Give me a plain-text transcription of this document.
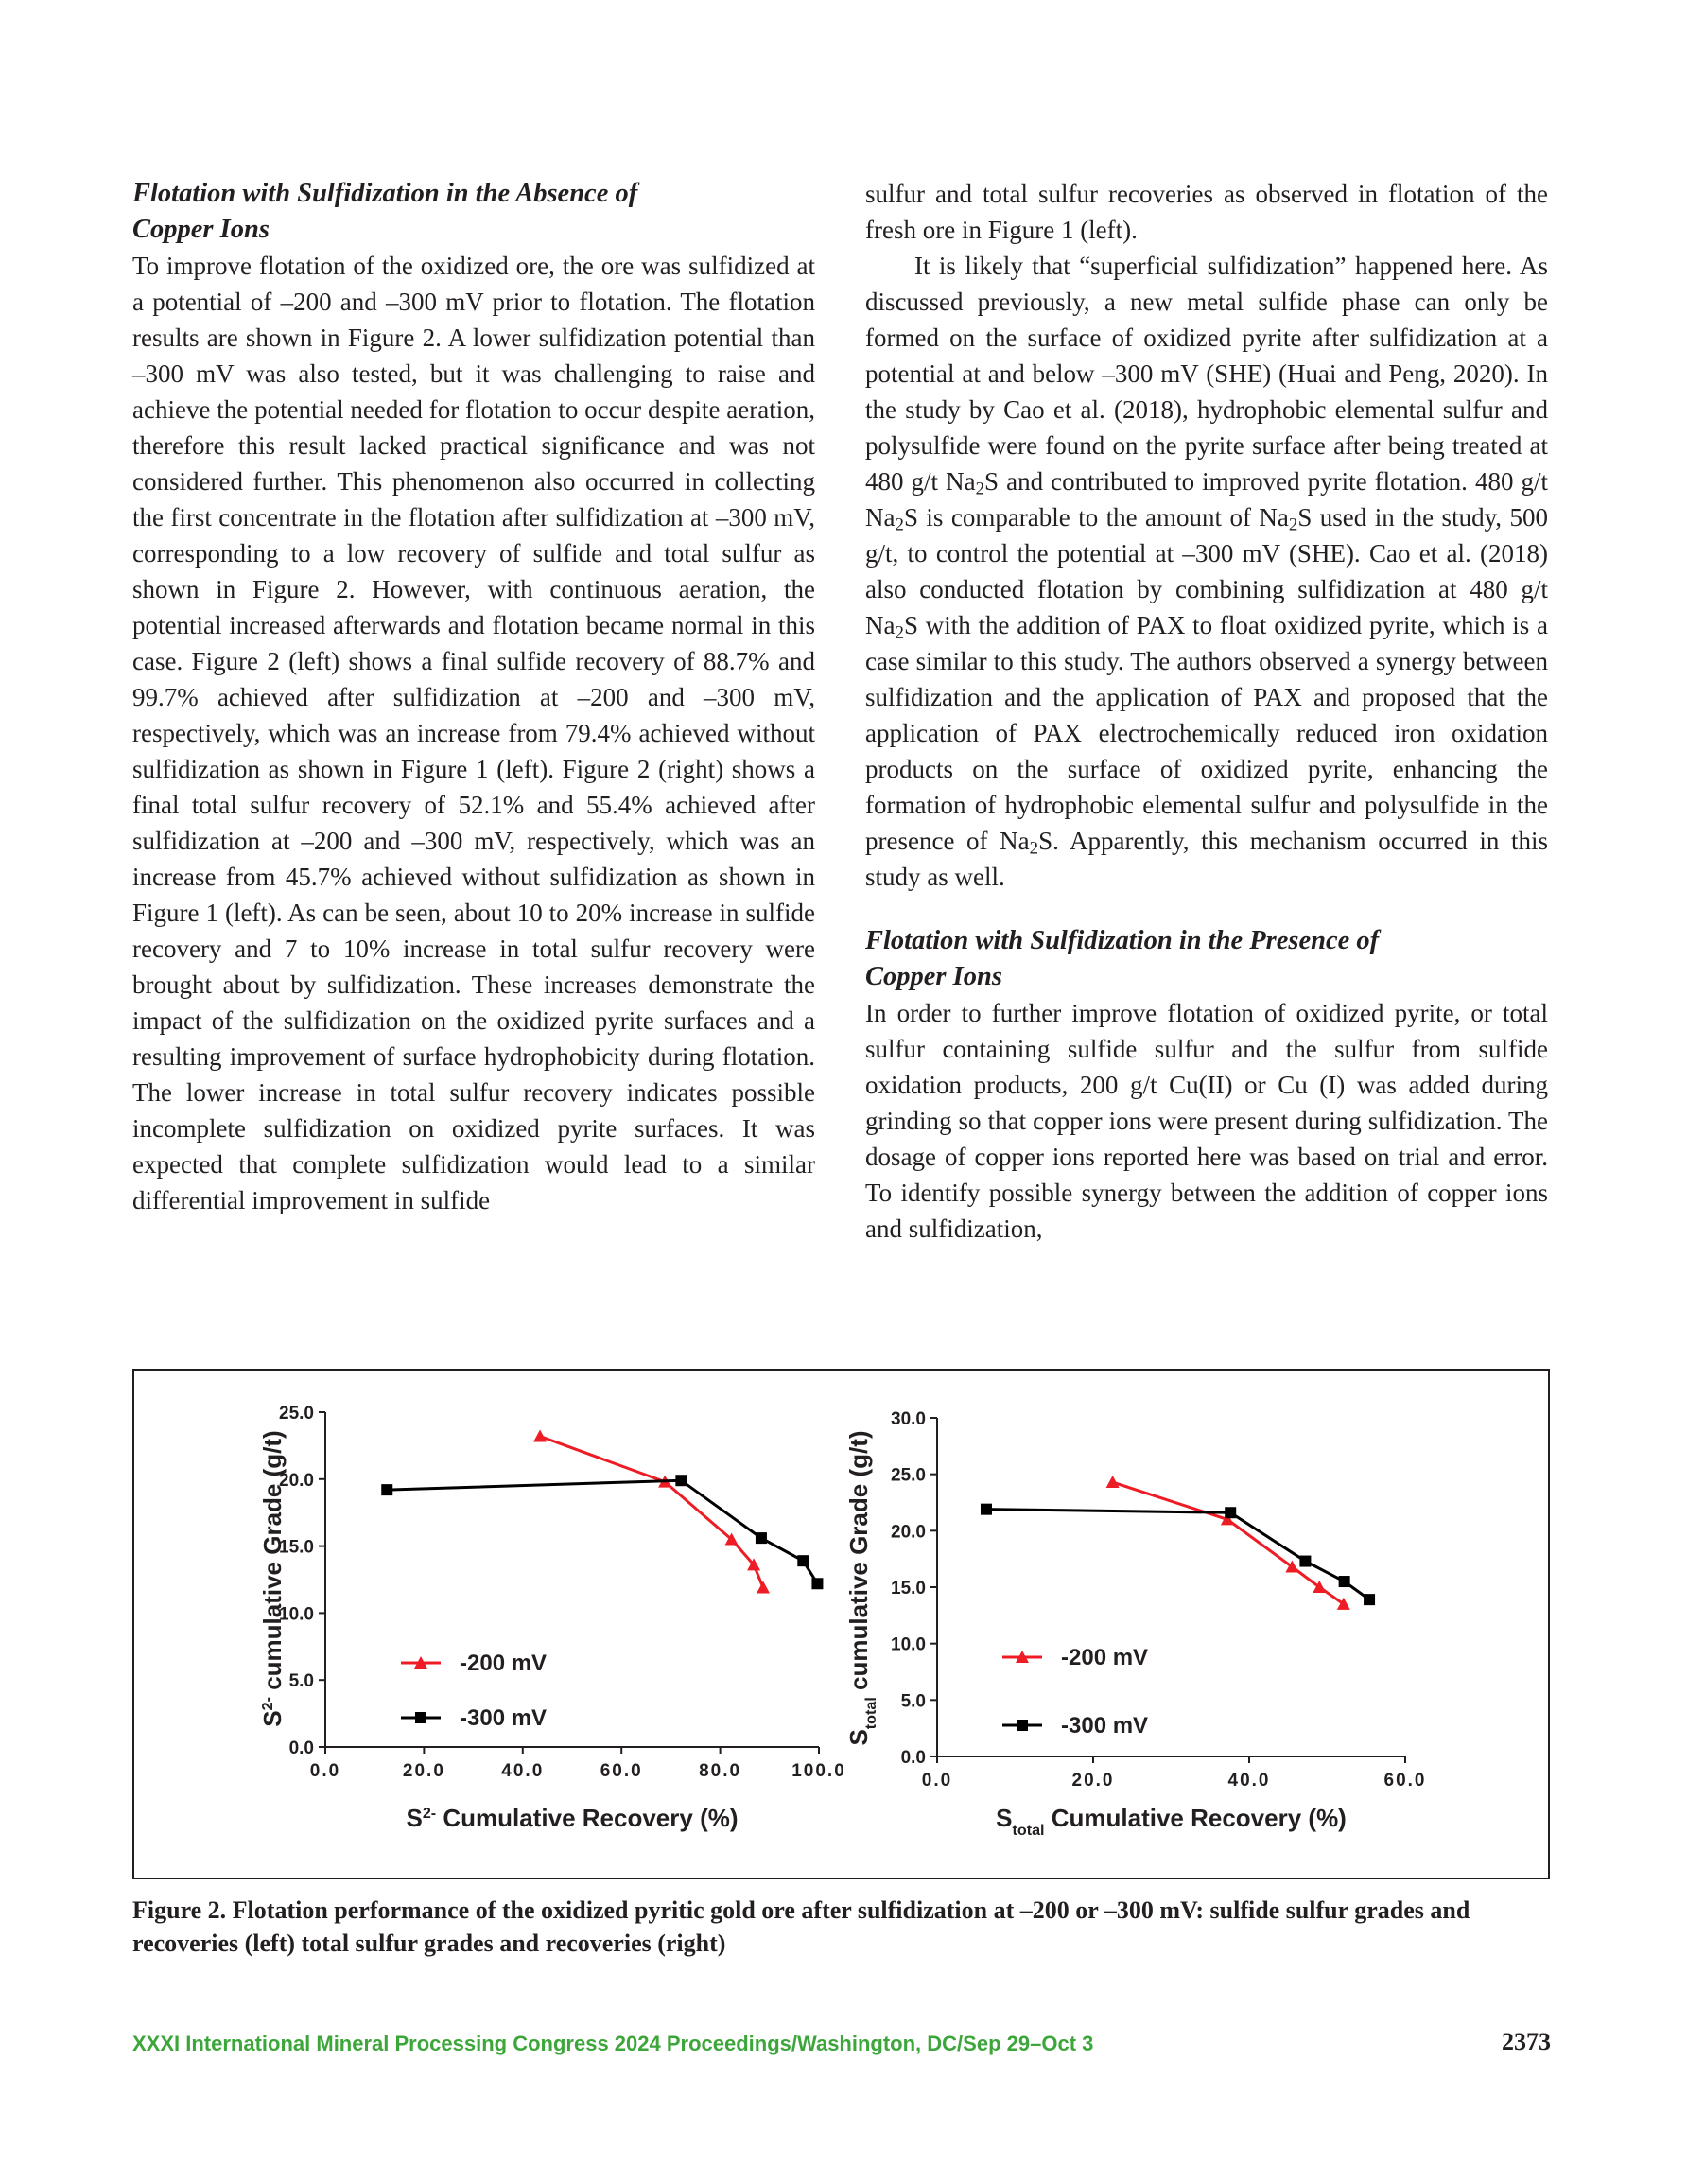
Flotation with Sulfidization in the Absence of
Copper Ions

To improve flotation of the oxidized ore, the ore was sulfidized at a potential of –200 and –300 mV prior to flotation. The flotation results are shown in Figure 2. A lower sulfidization potential than –300 mV was also tested, but it was challenging to raise and achieve the potential needed for flotation to occur despite aeration, therefore this result lacked practical significance and was not considered further. This phenomenon also occurred in collecting the first concentrate in the flotation after sulfidization at –300 mV, corresponding to a low recovery of sulfide and total sulfur as shown in Figure 2. However, with continuous aeration, the potential increased afterwards and flotation became normal in this case. Figure 2 (left) shows a final sulfide recovery of 88.7% and 99.7% achieved after sulfidization at –200 and –300 mV, respectively, which was an increase from 79.4% achieved without sulfidization as shown in Figure 1 (left). Figure 2 (right) shows a final total sulfur recovery of 52.1% and 55.4% achieved after sulfidization at –200 and –300 mV, respectively, which was an increase from 45.7% achieved without sulfidization as shown in Figure 1 (left). As can be seen, about 10 to 20% increase in sulfide recovery and 7 to 10% increase in total sulfur recovery were brought about by sulfidization. These increases demonstrate the impact of the sulfidization on the oxidized pyrite surfaces and a resulting improvement of surface hydrophobicity during flotation. The lower increase in total sulfur recovery indicates possible incomplete sulfidization on oxidized pyrite surfaces. It was expected that complete sulfidization would lead to a similar differential improvement in sulfide

sulfur and total sulfur recoveries as observed in flotation of the fresh ore in Figure 1 (left).

It is likely that “superficial sulfidization” happened here. As discussed previously, a new metal sulfide phase can only be formed on the surface of oxidized pyrite after sulfidization at a potential at and below –300 mV (SHE) (Huai and Peng, 2020). In the study by Cao et al. (2018), hydrophobic elemental sulfur and polysulfide were found on the pyrite surface after being treated at 480 g/t $Na_2S$ and contributed to improved pyrite flotation. 480 g/t $Na_2S$ is comparable to the amount of $Na_2S$ used in the study, 500 g/t, to control the potential at –300 mV (SHE). Cao et al. (2018) also conducted flotation by combining sulfidization at 480 g/t $Na_2S$ with the addition of PAX to float oxidized pyrite, which is a case similar to this study. The authors observed a synergy between sulfidization and the application of PAX and proposed that the application of PAX electrochemically reduced iron oxidation products on the surface of oxidized pyrite, enhancing the formation of hydrophobic elemental sulfur and polysulfide in the presence of $Na_2S$. Apparently, this mechanism occurred in this study as well.

Flotation with Sulfidization in the Presence of
Copper Ions

In order to further improve flotation of oxidized pyrite, or total sulfur containing sulfide sulfur and the sulfur from sulfide oxidation products, 200 g/t Cu(II) or Cu (I) was added during grinding so that copper ions were present during sulfidization. The dosage of copper ions reported here was based on trial and error. To identify possible synergy between the addition of copper ions and sulfidization,

0.0
5.0
10.0
15.0
20.0
25.0
0.0	20.0	40.0	60.0	80.0	100.0
-200 mV
-300 mV
$S^{2-}$ Cumulative Recovery (%)
$S^{2-}$ cumulative Grade (g/t)
0.0
5.0
10.0
15.0
20.0
25.0
30.0
0.0	20.0	40.0	60.0
-200 mV
-300 mV
$S_{total}$ Cumulative Recovery (%)
$S_{total}$ cumulative Grade (g/t)

Figure 2. Flotation performance of the oxidized pyritic gold ore after sulfidization at –200 or –300 mV: sulfide sulfur grades and recoveries (left) total sulfur grades and recoveries (right)

XXXI International Mineral Processing Congress 2024 Proceedings/Washington, DC/Sep 29–Oct 3	2373
